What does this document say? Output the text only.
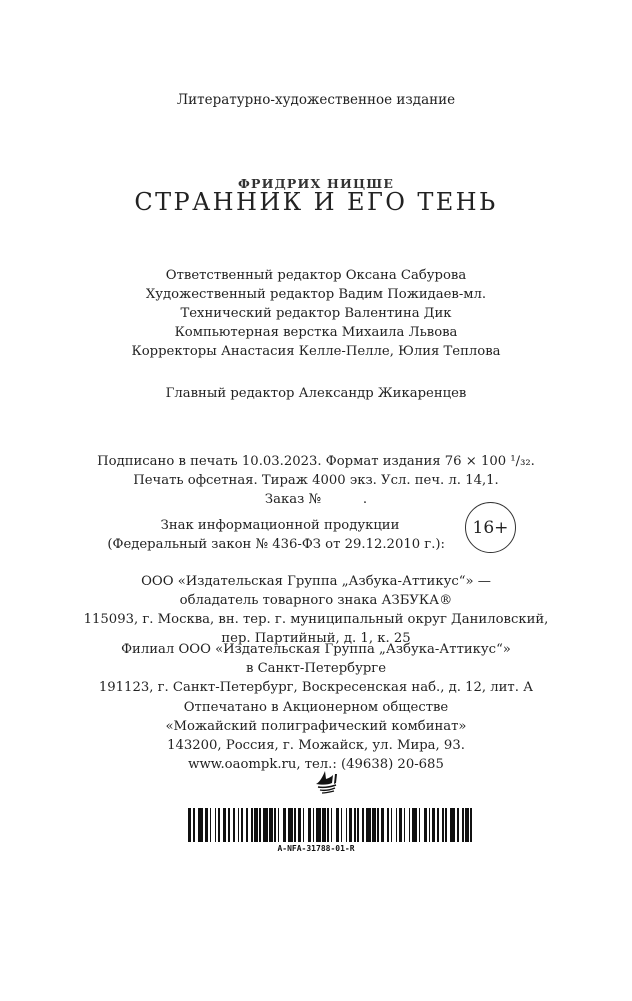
Литературно-художественное издание
ФРИДРИХ НИЦШЕ
СТРАННИК И ЕГО ТЕНЬ
Ответственный редактор Оксана Сабурова
Художественный редактор Вадим Пожидаев-мл.
Технический редактор Валентина Дик
Компьютерная верстка Михаила Львова
Корректоры Анастасия Келле-Пелле, Юлия Теплова
Главный редактор Александр Жикаренцев
Подписано в печать 10.03.2023. Формат издания 76 × 100 ¹/₃₂.
Печать офсетная. Тираж 4000 экз. Усл. печ. л. 14,1.
Заказ №          .
Знак информационной продукции
(Федеральный закон № 436-ФЗ от 29.12.2010 г.):
16+
ООО «Издательская Группа „Азбука-Аттикус“» —
обладатель товарного знака АЗБУКА®
115093, г. Москва, вн. тер. г. муниципальный округ Даниловский,
пер. Партийный, д. 1, к. 25
Филиал ООО «Издательская Группа „Азбука-Аттикус“»
в Санкт-Петербурге
191123, г. Санкт-Петербург, Воскресенская наб., д. 12, лит. А
Отпечатано в Акционерном обществе
«Можайский полиграфический комбинат»
143200, Россия, г. Можайск, ул. Мира, 93.
www.oaompk.ru, тел.: (49638) 20-685
A-NFA-31788-01-R
